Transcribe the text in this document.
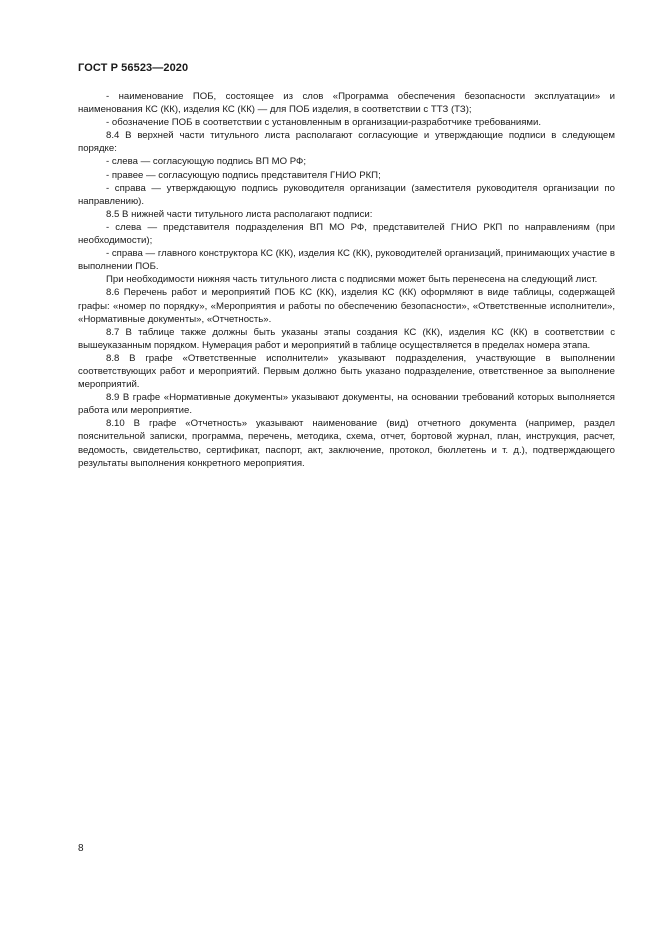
ГОСТ Р 56523—2020

- наименование ПОБ, состоящее из слов «Программа обеспечения безопасности эксплуатации» и наименования КС (КК), изделия КС (КК) — для ПОБ изделия, в соответствии с ТТЗ (ТЗ);

- обозначение ПОБ в соответствии с установленным в организации-разработчике требованиями.

8.4 В верхней части титульного листа располагают согласующие и утверждающие подписи в следующем порядке:

- слева — согласующую подпись ВП МО РФ;

- правее — согласующую подпись представителя ГНИО РКП;

- справа — утверждающую подпись руководителя организации (заместителя руководителя организации по направлению).

8.5 В нижней части титульного листа располагают подписи:

- слева — представителя подразделения ВП МО РФ, представителей ГНИО РКП по направлениям (при необходимости);

- справа — главного конструктора КС (КК), изделия КС (КК), руководителей организаций, принимающих участие в выполнении ПОБ.

При необходимости нижняя часть титульного листа с подписями может быть перенесена на следующий лист.

8.6 Перечень работ и мероприятий ПОБ КС (КК), изделия КС (КК) оформляют в виде таблицы, содержащей графы: «номер по порядку», «Мероприятия и работы по обеспечению безопасности», «Ответственные исполнители», «Нормативные документы», «Отчетность».

8.7 В таблице также должны быть указаны этапы создания КС (КК), изделия КС (КК) в соответствии с вышеуказанным порядком. Нумерация работ и мероприятий в таблице осуществляется в пределах номера этапа.

8.8 В графе «Ответственные исполнители» указывают подразделения, участвующие в выполнении соответствующих работ и мероприятий. Первым должно быть указано подразделение, ответственное за выполнение мероприятий.

8.9 В графе «Нормативные документы» указывают документы, на основании требований которых выполняется работа или мероприятие.

8.10 В графе «Отчетность» указывают наименование (вид) отчетного документа (например, раздел пояснительной записки, программа, перечень, методика, схема, отчет, бортовой журнал, план, инструкция, расчет, ведомость, свидетельство, сертификат, паспорт, акт, заключение, протокол, бюллетень и т. д.), подтверждающего результаты выполнения конкретного мероприятия.

8
